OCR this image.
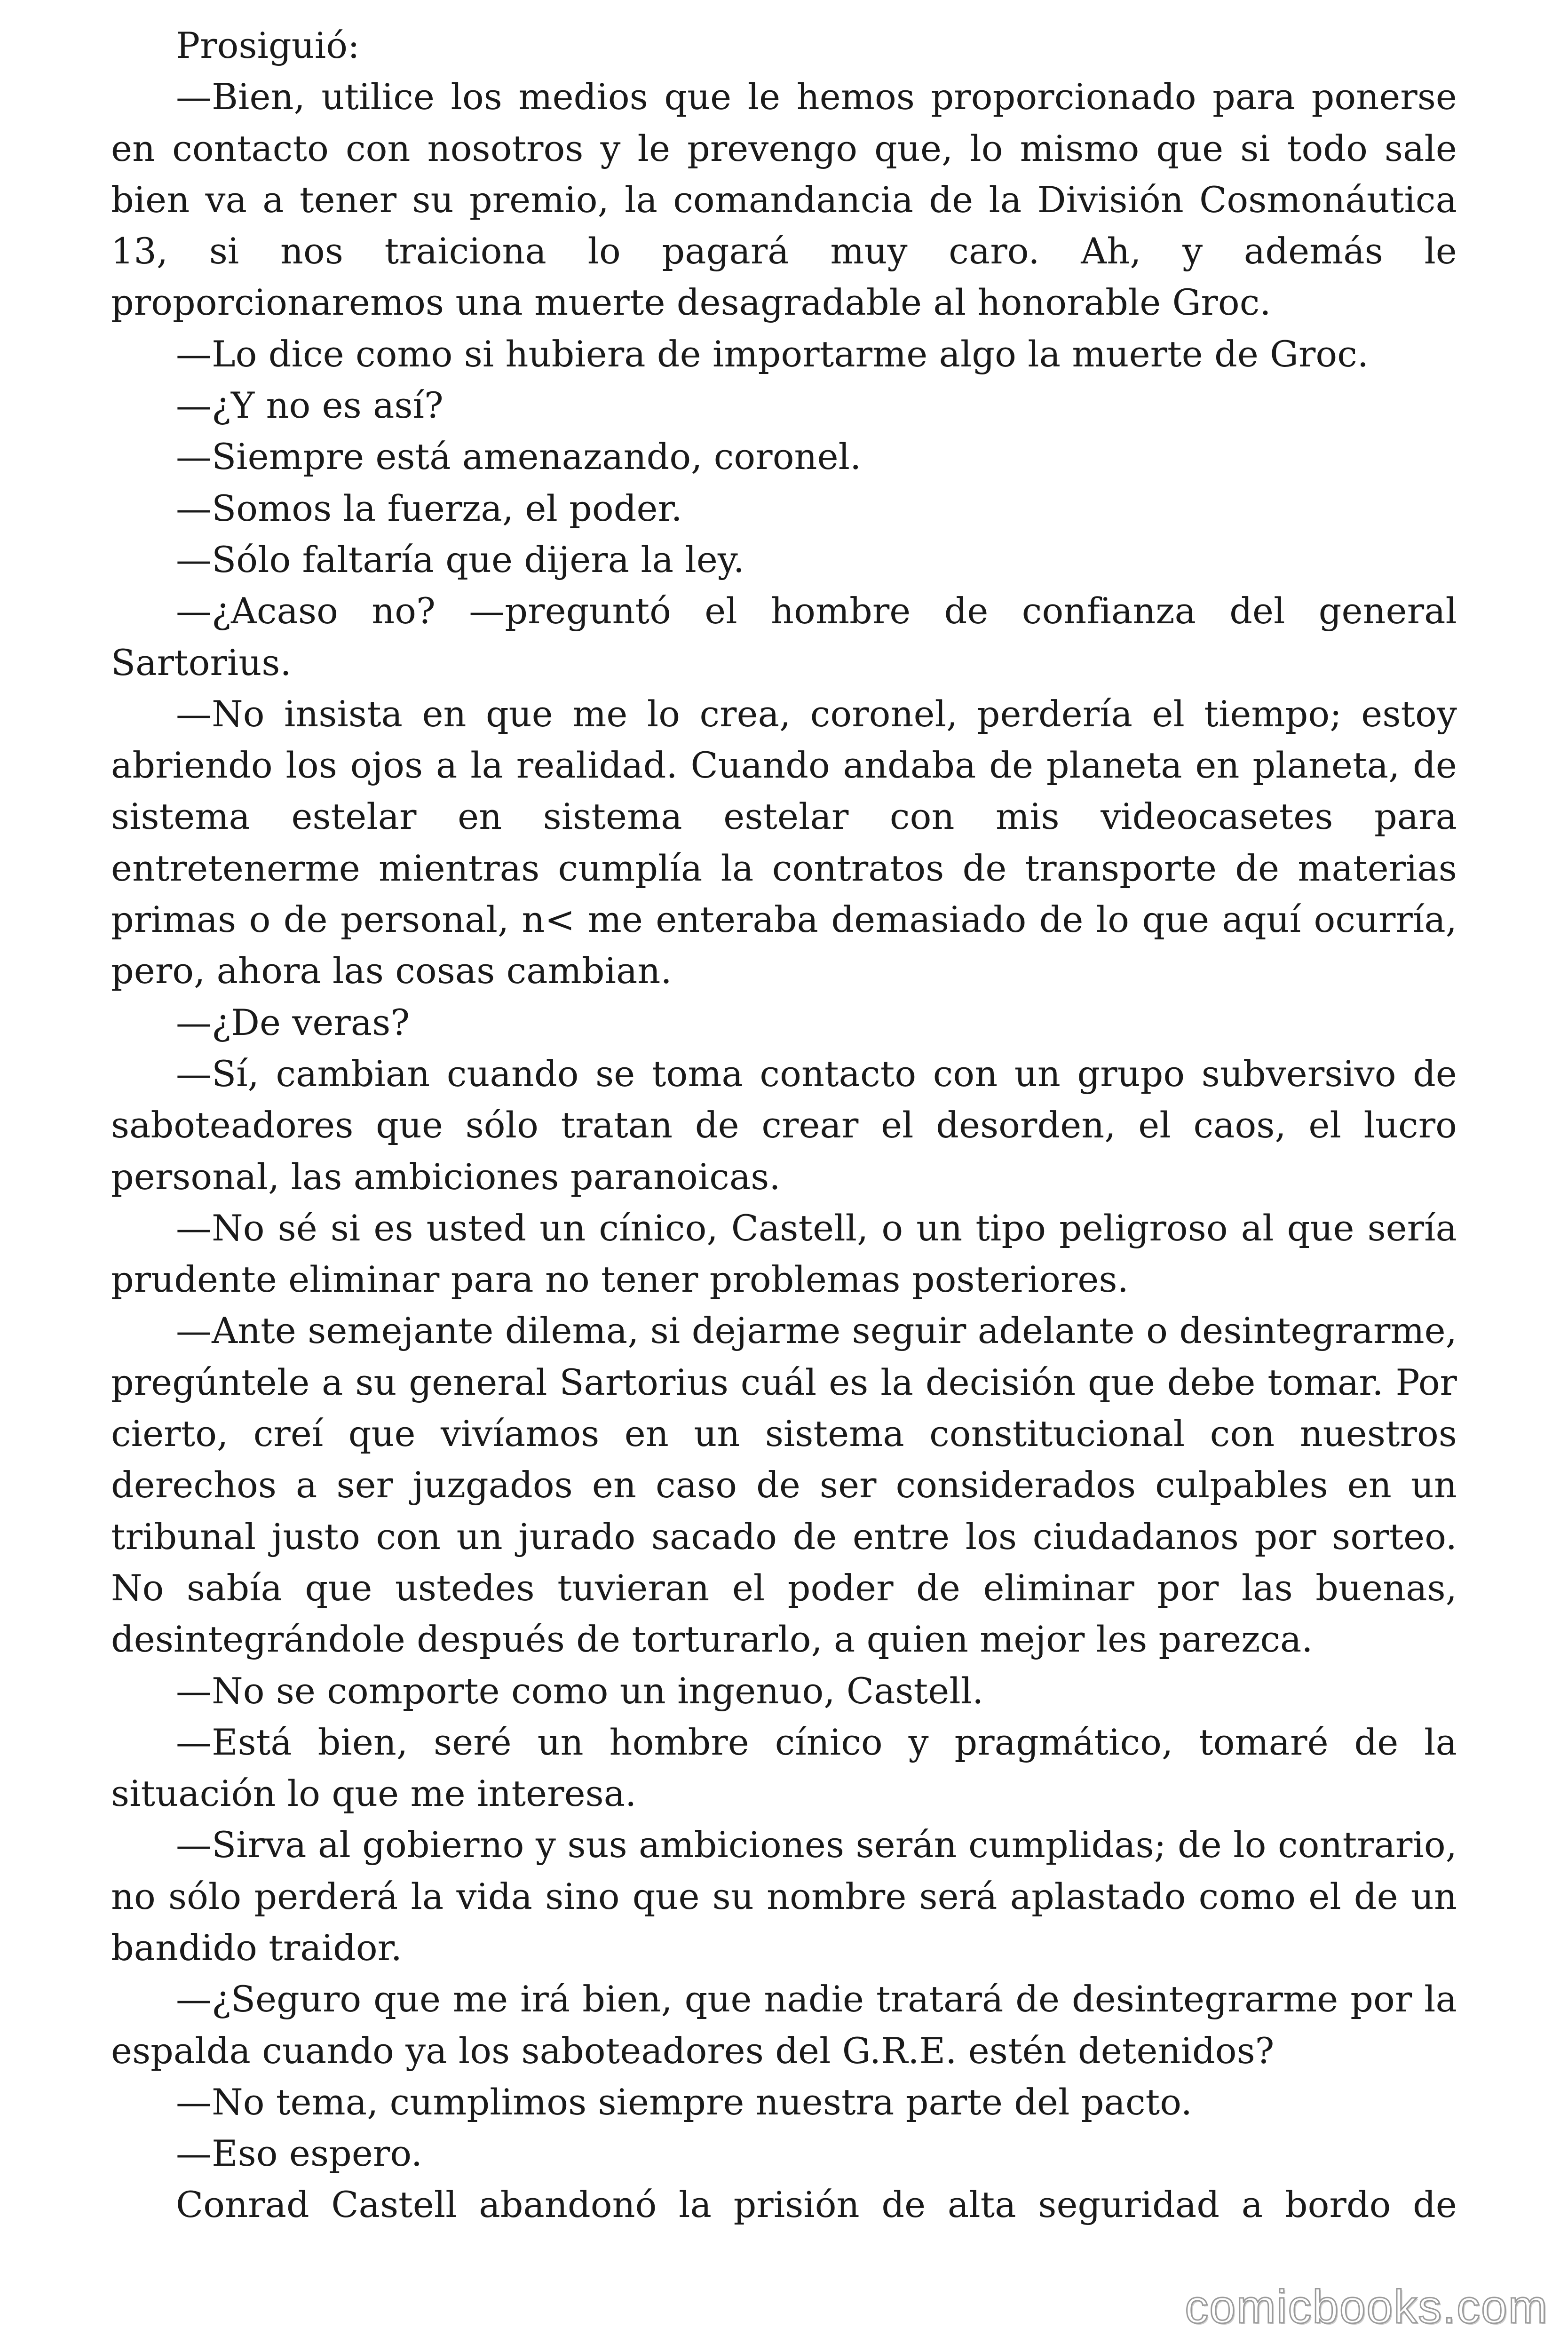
Prosiguió:

—Bien, utilice los medios que le hemos proporcionado para ponerse en contacto con nosotros y le prevengo que, lo mismo que si todo sale bien va a tener su premio, la comandancia de la División Cosmonáutica 13, si nos traiciona lo pagará muy caro. Ah, y además le proporcionaremos una muerte desagradable al honorable Groc.

—Lo dice como si hubiera de importarme algo la muerte de Groc.

—¿Y no es así?

—Siempre está amenazando, coronel.

—Somos la fuerza, el poder.

—Sólo faltaría que dijera la ley.

—¿Acaso no? —preguntó el hombre de confianza del general Sartorius.

—No insista en que me lo crea, coronel, perdería el tiempo; estoy abriendo los ojos a la realidad. Cuando andaba de planeta en planeta, de sistema estelar en sistema estelar con mis videocasetes para entretenerme mientras cumplía la contratos de transporte de materias primas o de personal, n< me enteraba demasiado de lo que aquí ocurría, pero, ahora las cosas cambian.

—¿De veras?

—Sí, cambian cuando se toma contacto con un grupo subversivo de saboteadores que sólo tratan de crear el desorden, el caos, el lucro personal, las ambiciones paranoicas.

—No sé si es usted un cínico, Castell, o un tipo peligroso al que sería prudente eliminar para no tener problemas posteriores.

—Ante semejante dilema, si dejarme seguir adelante o desintegrarme, pregúntele a su general Sartorius cuál es la decisión que debe tomar. Por cierto, creí que vivíamos en un sistema constitucional con nuestros derechos a ser juzgados en caso de ser considerados culpables en un tribunal justo con un jurado sacado de entre los ciudadanos por sorteo. No sabía que ustedes tuvieran el poder de eliminar por las buenas, desintegrándole después de torturarlo, a quien mejor les parezca.

—No se comporte como un ingenuo, Castell.

—Está bien, seré un hombre cínico y pragmático, tomaré de la situación lo que me interesa.

—Sirva al gobierno y sus ambiciones serán cumplidas; de lo contrario, no sólo perderá la vida sino que su nombre será aplastado como el de un bandido traidor.

—¿Seguro que me irá bien, que nadie tratará de desintegrarme por la espalda cuando ya los saboteadores del G.R.E. estén detenidos?

—No tema, cumplimos siempre nuestra parte del pacto.

—Eso espero.

Conrad Castell abandonó la prisión de alta seguridad a bordo de

comicbooks.com
